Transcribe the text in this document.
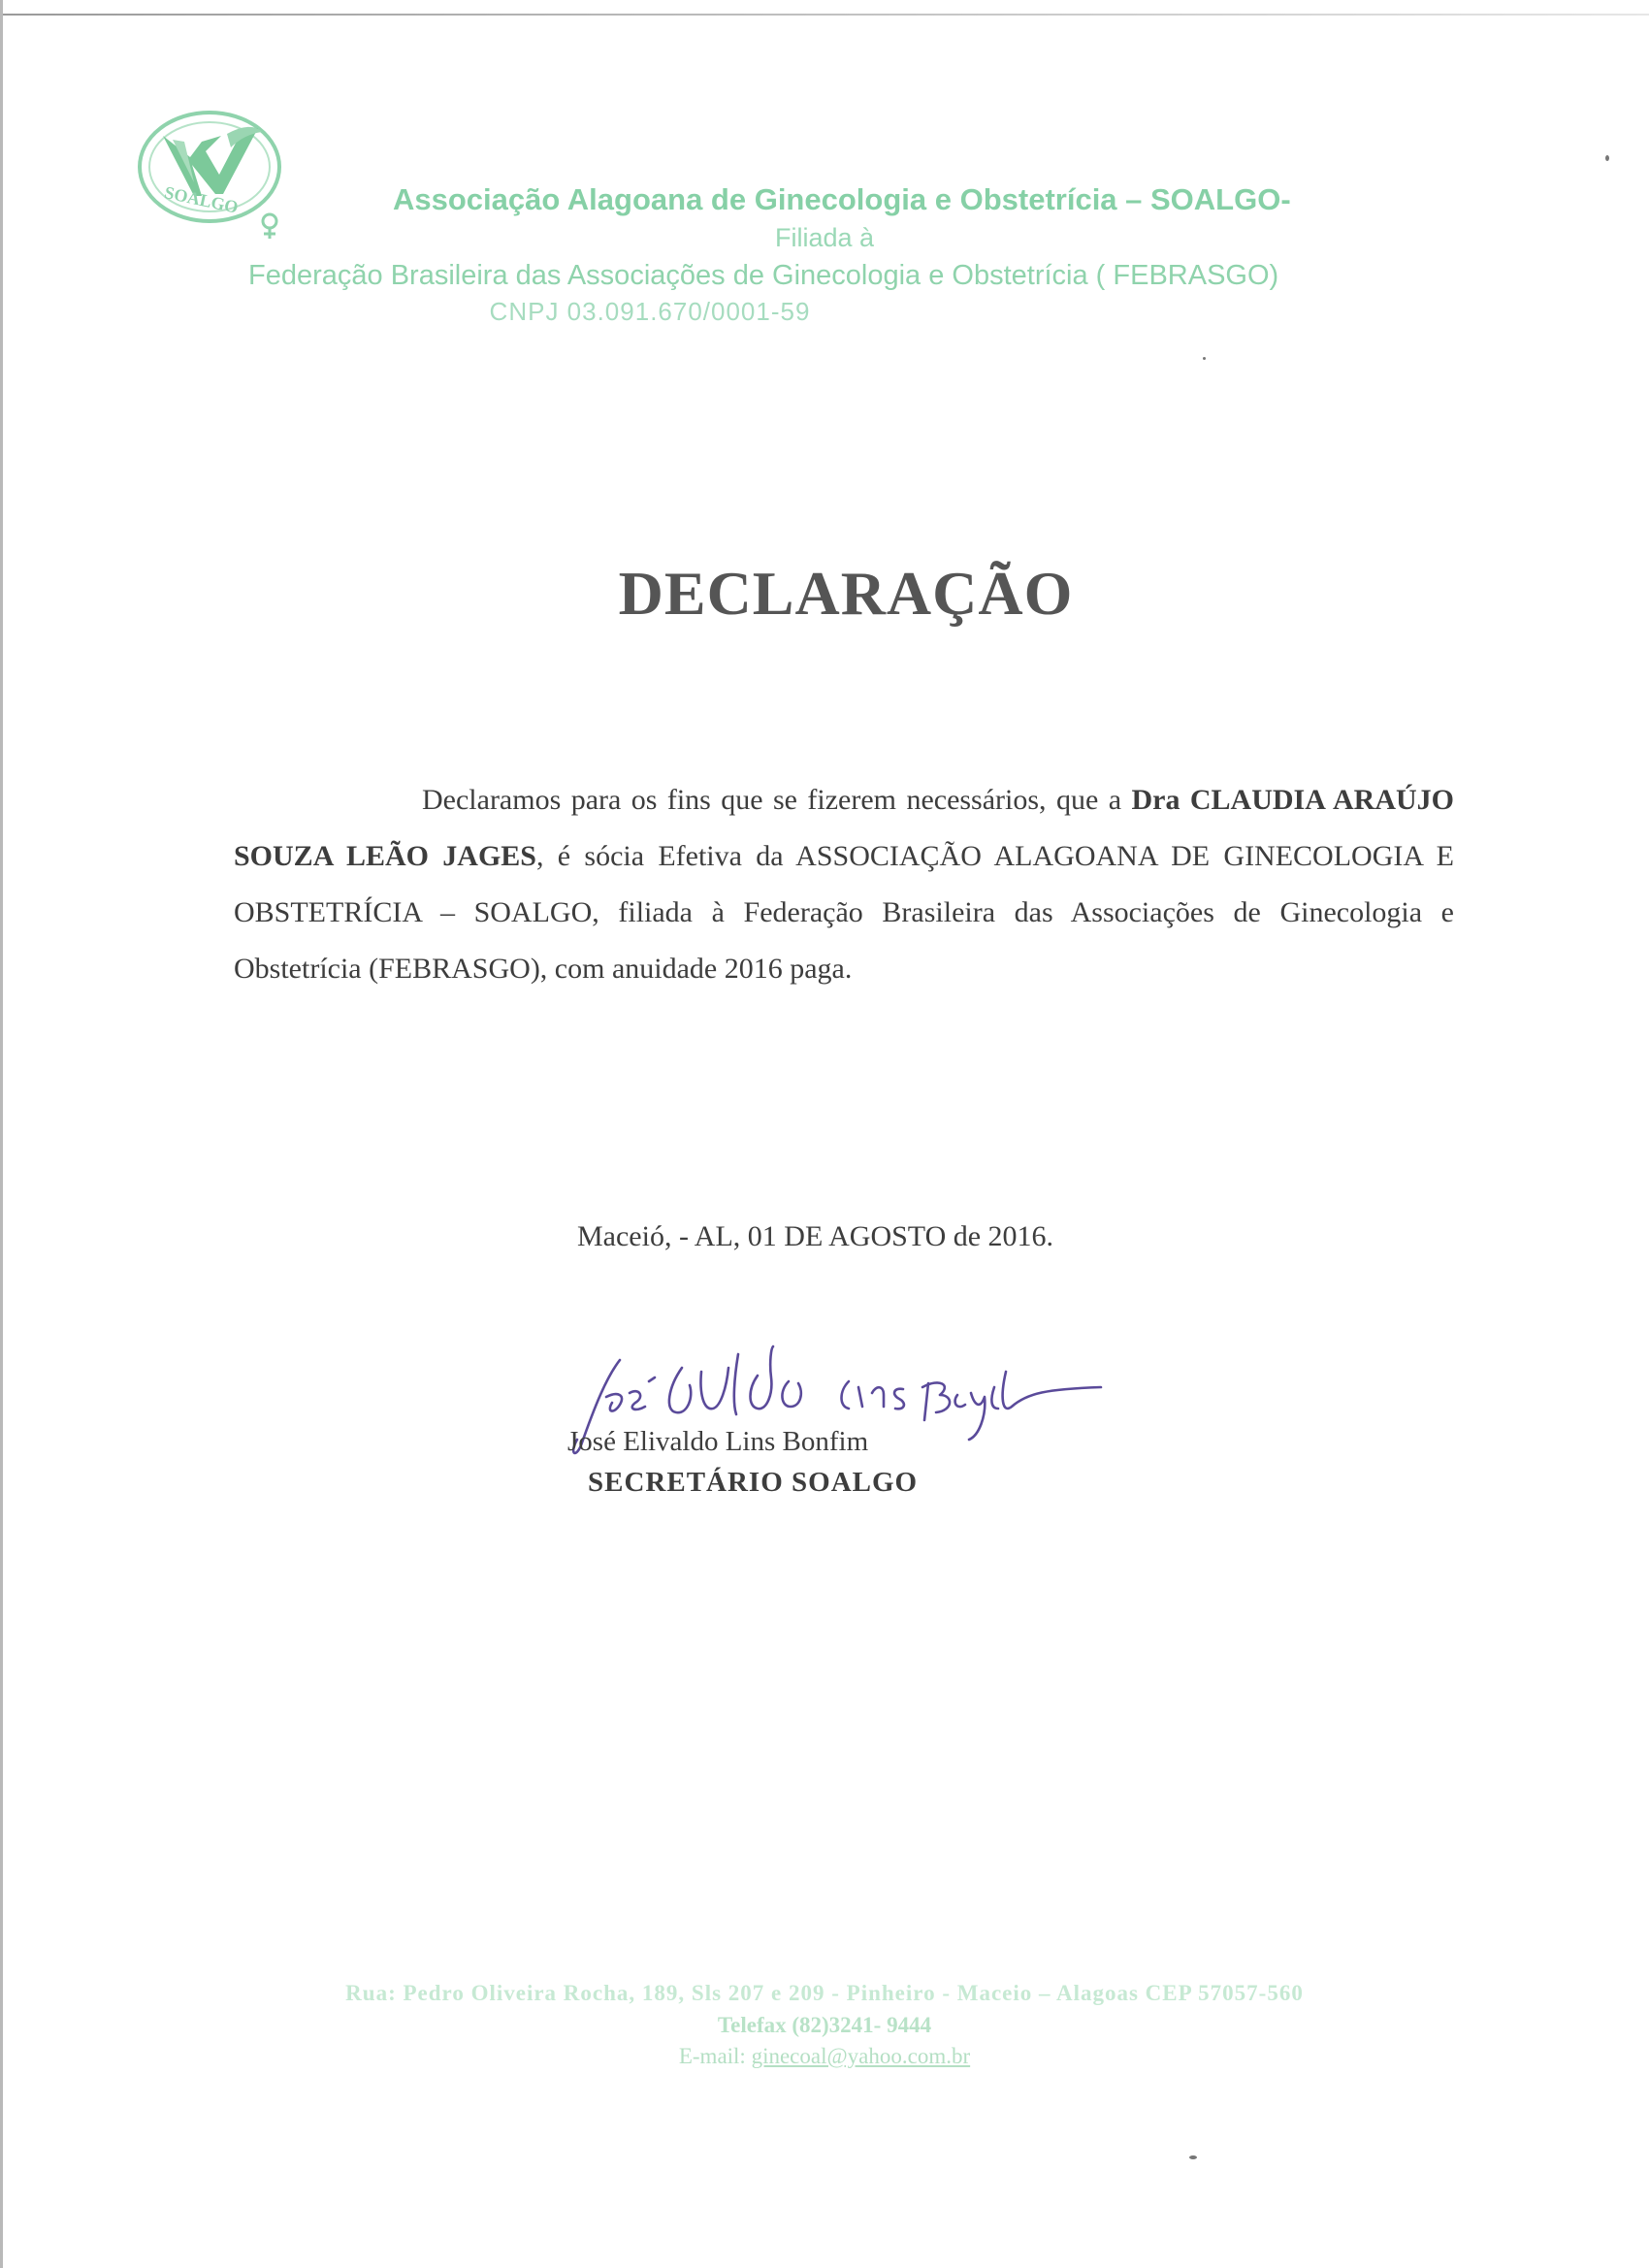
SOALGO	Associação Alagoana de Ginecologia e Obstetrícia – SOALGO-
Filiada à
Federação Brasileira das Associações de Ginecologia e Obstetrícia ( FEBRASGO)
CNPJ 03.091.670/0001-59
DECLARAÇÃO
Declaramos para os fins que se fizerem necessários, que a Dra CLAUDIA ARAÚJO SOUZA LEÃO JAGES, é sócia Efetiva da ASSOCIAÇÃO ALAGOANA DE GINECOLOGIA E OBSTETRÍCIA – SOALGO, filiada à Federação Brasileira das Associações de Ginecologia e Obstetrícia (FEBRASGO), com anuidade 2016 paga.
Maceió, - AL, 01 DE AGOSTO de 2016.
José Elivaldo Lins Bonfim
SECRETÁRIO SOALGO
Rua: Pedro Oliveira Rocha, 189, Sls 207 e 209 - Pinheiro - Maceio – Alagoas CEP 57057-560
Telefax (82)3241- 9444
E-mail: ginecoal@yahoo.com.br
